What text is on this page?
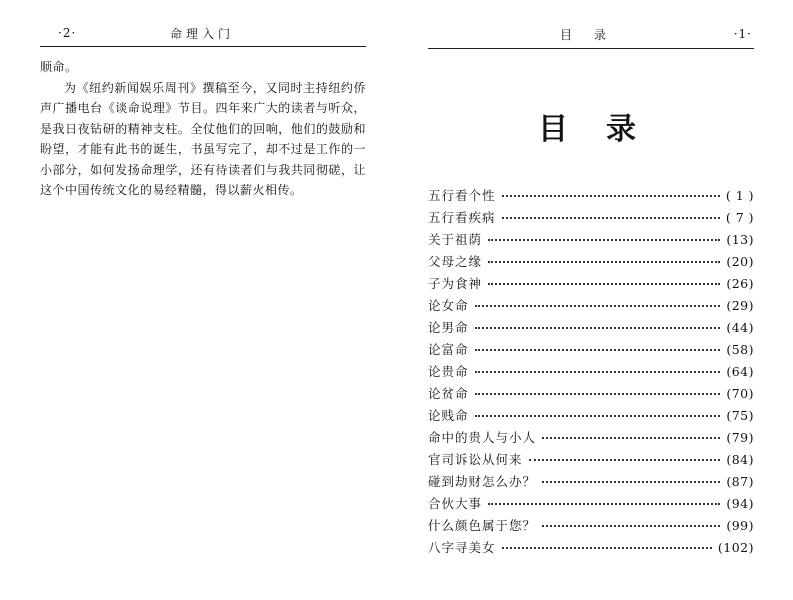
·2·	命理入门

顺命。

为《纽约新闻娱乐周刊》撰稿至今，又同时主持纽约侨声广播电台《谈命说理》节目。四年来广大的读者与听众，是我日夜钻研的精神支柱。全仗他们的回响，他们的鼓励和盼望，才能有此书的诞生，书虽写完了，却不过是工作的一小部分，如何发扬命理学，还有待读者们与我共同彻磋，让这个中国传统文化的易经精髓，得以薪火相传。

目录	·1·
目录
五行看个性	( 1 )
五行看疾病	( 7 )
关于祖荫	(13)
父母之缘	(20)
子为食神	(26)
论女命	(29)
论男命	(44)
论富命	(58)
论贵命	(64)
论贫命	(70)
论贱命	(75)
命中的贵人与小人	(79)
官司诉讼从何来	(84)
碰到劫财怎么办？	(87)
合伙大事	(94)
什么颜色属于您？	(99)
八字寻美女	(102)
